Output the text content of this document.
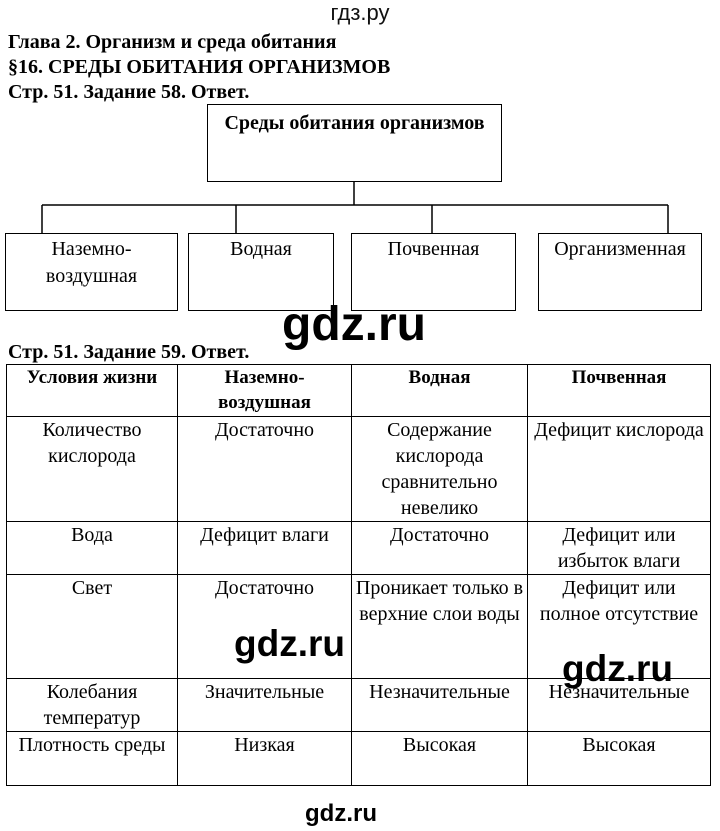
гдз.ру
Глава 2. Организм и среда обитания
§16. СРЕДЫ ОБИТАНИЯ ОРГАНИЗМОВ
Стр. 51. Задание 58. Ответ.
Среды обитания организмов
Наземно-воздушная
Водная	Почвенная	Организменная
Стр. 51. Задание 59. Ответ.
Условия жизни	Наземно-воздушная	Водная	Почвенная
Количество кислорода	Достаточно	Содержание кислорода сравнительно невелико	Дефицит кислорода
Вода	Дефицит влаги	Достаточно	Дефицит или избыток влаги
Свет	Достаточно	Проникает только в верхние слои воды	Дефицит или полное отсутствие
Колебания температур	Значительные	Незначительные	Незначительные
Плотность среды	Низкая	Высокая	Высокая
gdz.ru
gdz.ru
gdz.ru
gdz.ru
